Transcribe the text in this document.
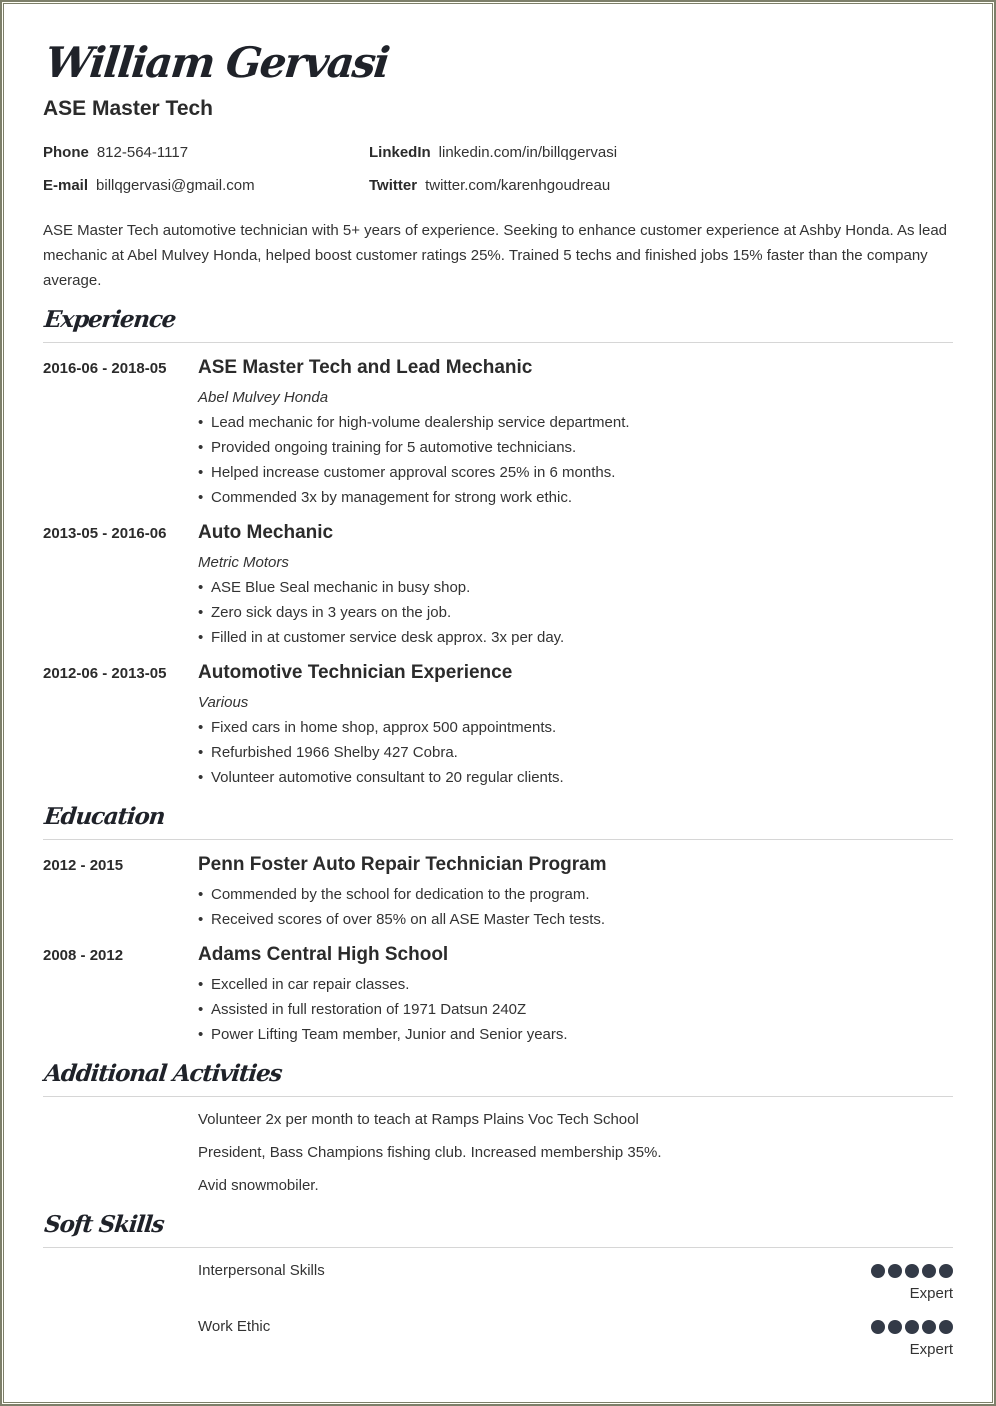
William Gervasi
ASE Master Tech
Phone 812-564-1117
E-mail billqgervasi@gmail.com
LinkedIn linkedin.com/in/billqgervasi
Twitter twitter.com/karenhgoudreau
ASE Master Tech automotive technician with 5+ years of experience. Seeking to enhance customer experience at Ashby Honda. As lead mechanic at Abel Mulvey Honda, helped boost customer ratings 25%. Trained 5 techs and finished jobs 15% faster than the company average.
Experience
2016-06 - 2018-05 ASE Master Tech and Lead Mechanic
Abel Mulvey Honda
• Lead mechanic for high-volume dealership service department.
• Provided ongoing training for 5 automotive technicians.
• Helped increase customer approval scores 25% in 6 months.
• Commended 3x by management for strong work ethic.
2013-05 - 2016-06 Auto Mechanic
Metric Motors
• ASE Blue Seal mechanic in busy shop.
• Zero sick days in 3 years on the job.
• Filled in at customer service desk approx. 3x per day.
2012-06 - 2013-05 Automotive Technician Experience
Various
• Fixed cars in home shop, approx 500 appointments.
• Refurbished 1966 Shelby 427 Cobra.
• Volunteer automotive consultant to 20 regular clients.
Education
2012 - 2015	Penn Foster Auto Repair Technician Program
• Commended by the school for dedication to the program.
• Received scores of over 85% on all ASE Master Tech tests.
2008 - 2012	Adams Central High School
• Excelled in car repair classes.
• Assisted in full restoration of 1971 Datsun 240Z
• Power Lifting Team member, Junior and Senior years.
Additional Activities
Volunteer 2x per month to teach at Ramps Plains Voc Tech School
President, Bass Champions fishing club. Increased membership 35%.
Avid snowmobiler.
Soft Skills
Interpersonal Skills
Expert
Work Ethic
Expert
